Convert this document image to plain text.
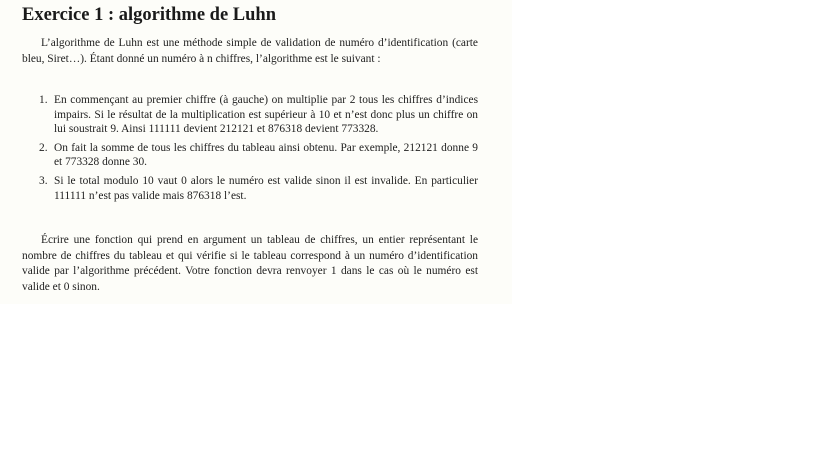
Exercice 1 : algorithme de Luhn

L’algorithme de Luhn est une méthode simple de validation de numéro d’identification (carte bleu, Siret…). Étant donné un numéro à n chiffres, l’algorithme est le suivant :

1. En commençant au premier chiffre (à gauche) on multiplie par 2 tous les chiffres d’indices impairs. Si le résultat de la multiplication est supérieur à 10 et n’est donc plus un chiffre on lui soustrait 9. Ainsi 111111 devient 212121 et 876318 devient 773328.
2. On fait la somme de tous les chiffres du tableau ainsi obtenu. Par exemple, 212121 donne 9 et 773328 donne 30.
3. Si le total modulo 10 vaut 0 alors le numéro est valide sinon il est invalide. En particulier 111111 n’est pas valide mais 876318 l’est.

Écrire une fonction qui prend en argument un tableau de chiffres, un entier représentant le nombre de chiffres du tableau et qui vérifie si le tableau correspond à un numéro d’identification valide par l’algorithme précédent. Votre fonction devra renvoyer 1 dans le cas où le numéro est valide et 0 sinon.
